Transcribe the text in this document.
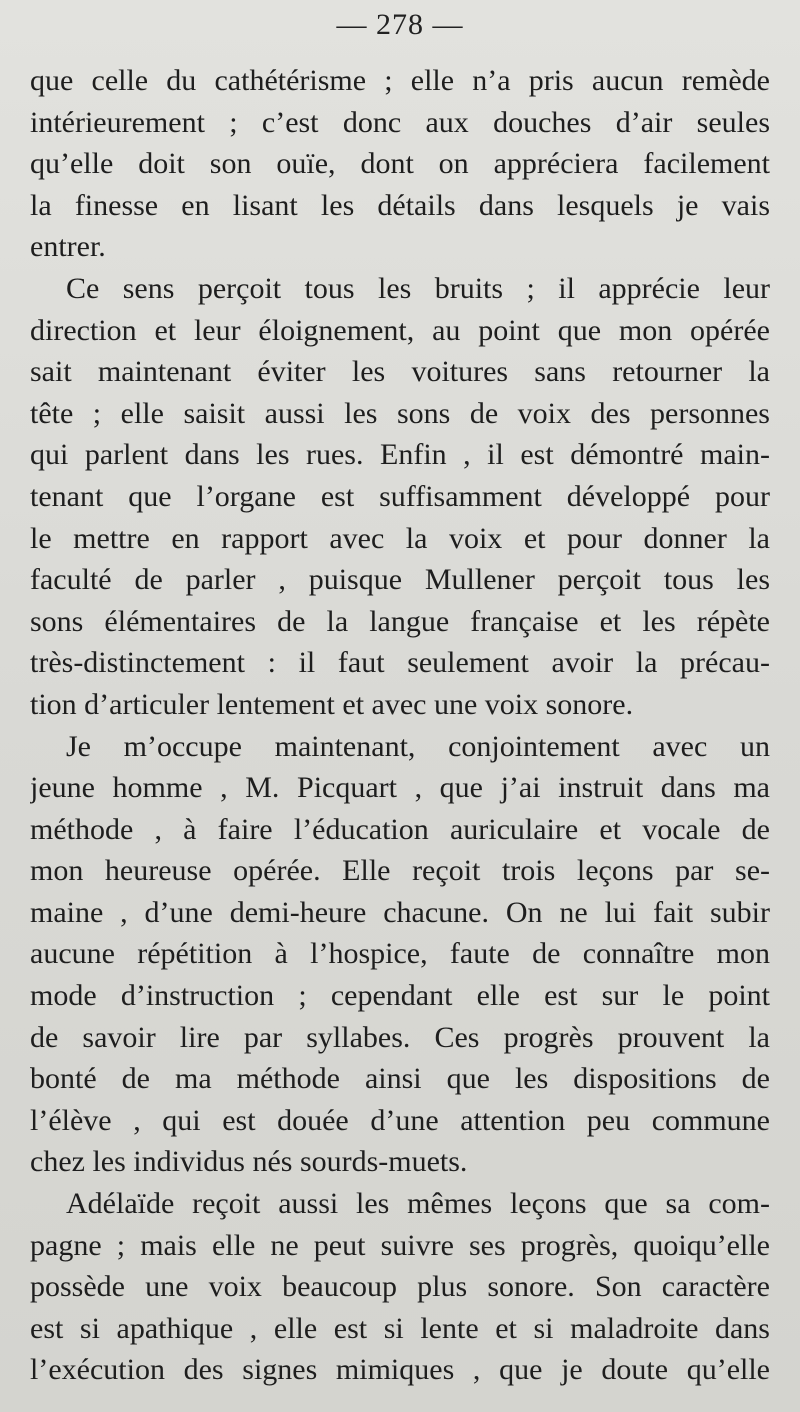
— 278 —
que celle du cathétérisme ; elle n’a pris aucun remède
intérieurement ; c’est donc aux douches d’air seules
qu’elle doit son ouïe, dont on appréciera facilement
la finesse en lisant les détails dans lesquels je vais
entrer.
Ce sens perçoit tous les bruits ; il apprécie leur
direction et leur éloignement, au point que mon opérée
sait maintenant éviter les voitures sans retourner la
tête ; elle saisit aussi les sons de voix des personnes
qui parlent dans les rues. Enfin , il est démontré main-
tenant que l’organe est suffisamment développé pour
le mettre en rapport avec la voix et pour donner la
faculté de parler , puisque Mullener perçoit tous les
sons élémentaires de la langue française et les répète
très-distinctement : il faut seulement avoir la précau-
tion d’articuler lentement et avec une voix sonore.
Je m’occupe maintenant, conjointement avec un
jeune homme , M. Picquart , que j’ai instruit dans ma
méthode , à faire l’éducation auriculaire et vocale de
mon heureuse opérée. Elle reçoit trois leçons par se-
maine , d’une demi-heure chacune. On ne lui fait subir
aucune répétition à l’hospice, faute de connaître mon
mode d’instruction ; cependant elle est sur le point
de savoir lire par syllabes. Ces progrès prouvent la
bonté de ma méthode ainsi que les dispositions de
l’élève , qui est douée d’une attention peu commune
chez les individus nés sourds-muets.
Adélaïde reçoit aussi les mêmes leçons que sa com-
pagne ; mais elle ne peut suivre ses progrès, quoiqu’elle
possède une voix beaucoup plus sonore. Son caractère
est si apathique , elle est si lente et si maladroite dans
l’exécution des signes mimiques , que je doute qu’elle
